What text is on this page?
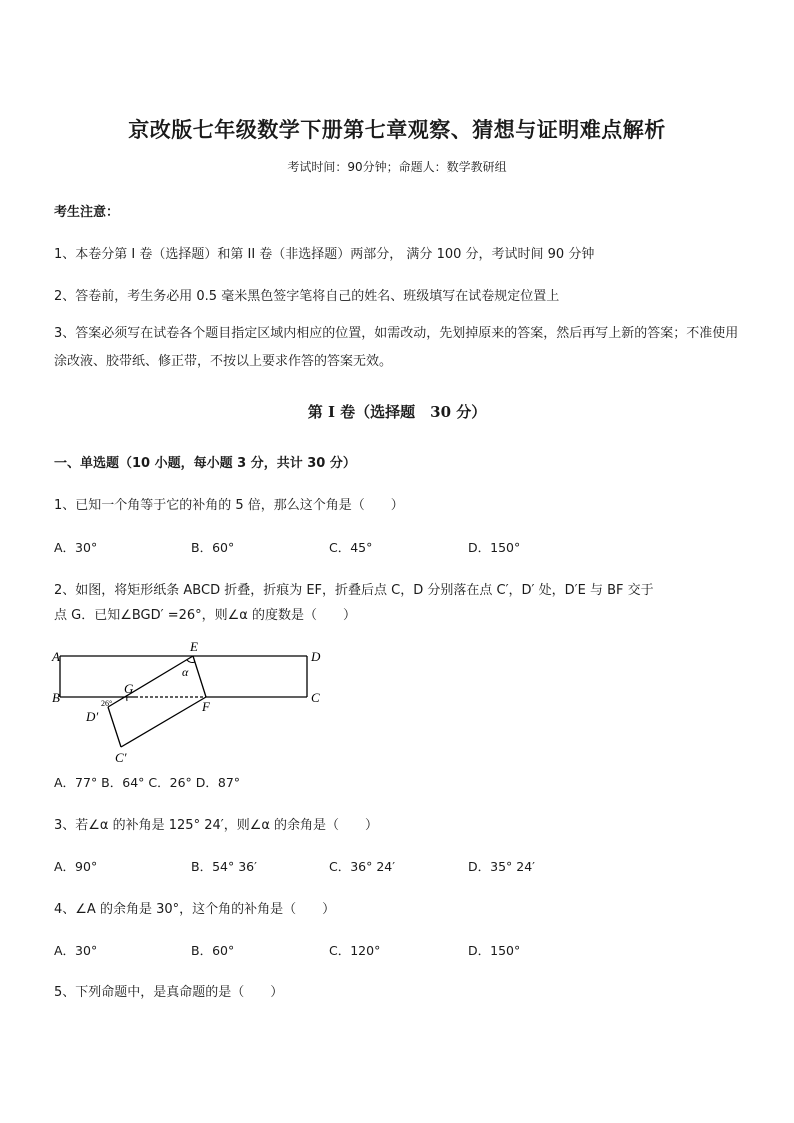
京改版七年级数学下册第七章观察、猜想与证明难点解析
考试时间：90分钟；命题人：数学教研组
考生注意：
1、本卷分第 I 卷（选择题）和第 II 卷（非选择题）两部分， 满分 100 分，考试时间 90 分钟
2、答卷前，考生务必用 0.5 毫米黑色签字笔将自己的姓名、班级填写在试卷规定位置上
3、答案必须写在试卷各个题目指定区域内相应的位置，如需改动，先划掉原来的答案，然后再写上新的答案；不准使用涂改液、胶带纸、修正带，不按以上要求作答的答案无效。
第 I 卷（选择题　30 分）
一、单选题（10 小题，每小题 3 分，共计 30 分）
1、已知一个角等于它的补角的 5 倍，那么这个角是（　　）
A．30°	B．60°	C．45°	D．150°
2、如图，将矩形纸条 ABCD 折叠，折痕为 EF，折叠后点 C，D 分别落在点 C′，D′ 处，D′E 与 BF 交于
点 G．已知∠BGD′ =26°，则∠α 的度数是（　　）
A
B
D
C
E
F
G
D′
C′
α
26°
A．77° B．64° C．26° D．87°
3、若∠α 的补角是 125° 24′，则∠α 的余角是（　　）
A．90°	B．54° 36′	C．36° 24′	D．35° 24′
4、∠A 的余角是 30°，这个角的补角是（　　）
A．30°	B．60°	C．120°	D．150°
5、下列命题中，是真命题的是（　　）
